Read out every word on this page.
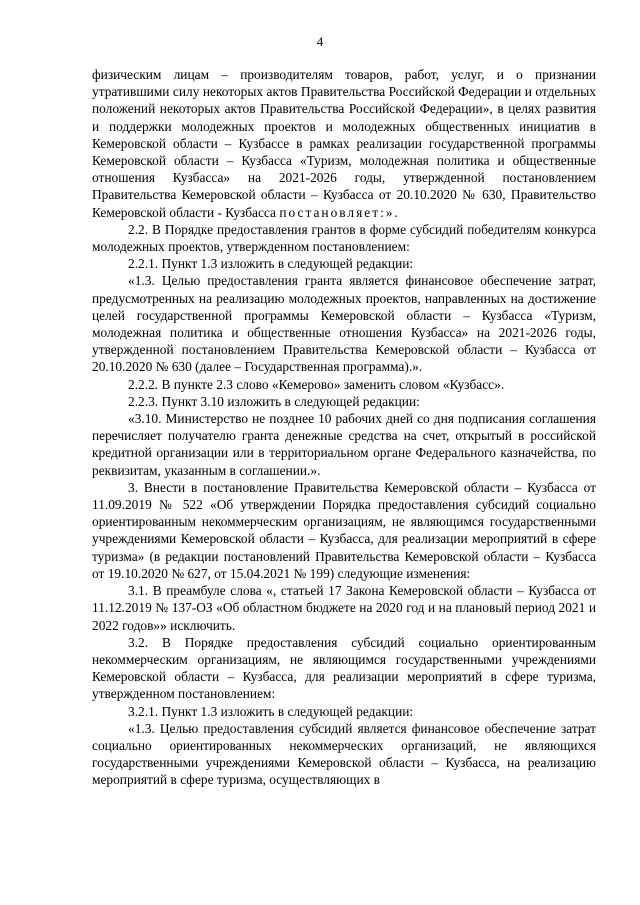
4

физическим лицам – производителям товаров, работ, услуг, и о признании утратившими силу некоторых актов Правительства Российской Федерации и отдельных положений некоторых актов Правительства Российской Федерации», в целях развития и поддержки молодежных проектов и молодежных общественных инициатив в Кемеровской области – Кузбассе в рамках реализации государственной программы Кемеровской области – Кузбасса «Туризм, молодежная политика и общественные отношения Кузбасса» на 2021-2026 годы, утвержденной постановлением Правительства Кемеровской области – Кузбасса от 20.10.2020 № 630, Правительство Кемеровской области - Кузбасса постановляет:».

2.2. В Порядке предоставления грантов в форме субсидий победителям конкурса молодежных проектов, утвержденном постановлением:

2.2.1. Пункт 1.3 изложить в следующей редакции:

«1.3. Целью предоставления гранта является финансовое обеспечение затрат, предусмотренных на реализацию молодежных проектов, направленных на достижение целей государственной программы Кемеровской области – Кузбасса «Туризм, молодежная политика и общественные отношения Кузбасса» на 2021-2026 годы, утвержденной постановлением Правительства Кемеровской области – Кузбасса от 20.10.2020 № 630 (далее – Государственная программа).».

2.2.2. В пункте 2.3 слово «Кемерово» заменить словом «Кузбасс».

2.2.3. Пункт 3.10 изложить в следующей редакции:

«3.10. Министерство не позднее 10 рабочих дней со дня подписания соглашения перечисляет получателю гранта денежные средства на счет, открытый в российской кредитной организации или в территориальном органе Федерального казначейства, по реквизитам, указанным в соглашении.».

3. Внести в постановление Правительства Кемеровской области – Кузбасса от 11.09.2019 № 522 «Об утверждении Порядка предоставления субсидий социально ориентированным некоммерческим организациям, не являющимся государственными учреждениями Кемеровской области – Кузбасса, для реализации мероприятий в сфере туризма» (в редакции постановлений Правительства Кемеровской области – Кузбасса от 19.10.2020 № 627, от 15.04.2021 № 199) следующие изменения:

3.1. В преамбуле слова «, статьей 17 Закона Кемеровской области – Кузбасса от 11.12.2019 № 137-ОЗ «Об областном бюджете на 2020 год и на плановый период 2021 и 2022 годов»» исключить.

3.2. В Порядке предоставления субсидий социально ориентированным некоммерческим организациям, не являющимся государственными учреждениями Кемеровской области – Кузбасса, для реализации мероприятий в сфере туризма, утвержденном постановлением:

3.2.1. Пункт 1.3 изложить в следующей редакции:

«1.3. Целью предоставления субсидий является финансовое обеспечение затрат социально ориентированных некоммерческих организаций, не являющихся государственными учреждениями Кемеровской области – Кузбасса, на реализацию мероприятий в сфере туризма, осуществляющих в
